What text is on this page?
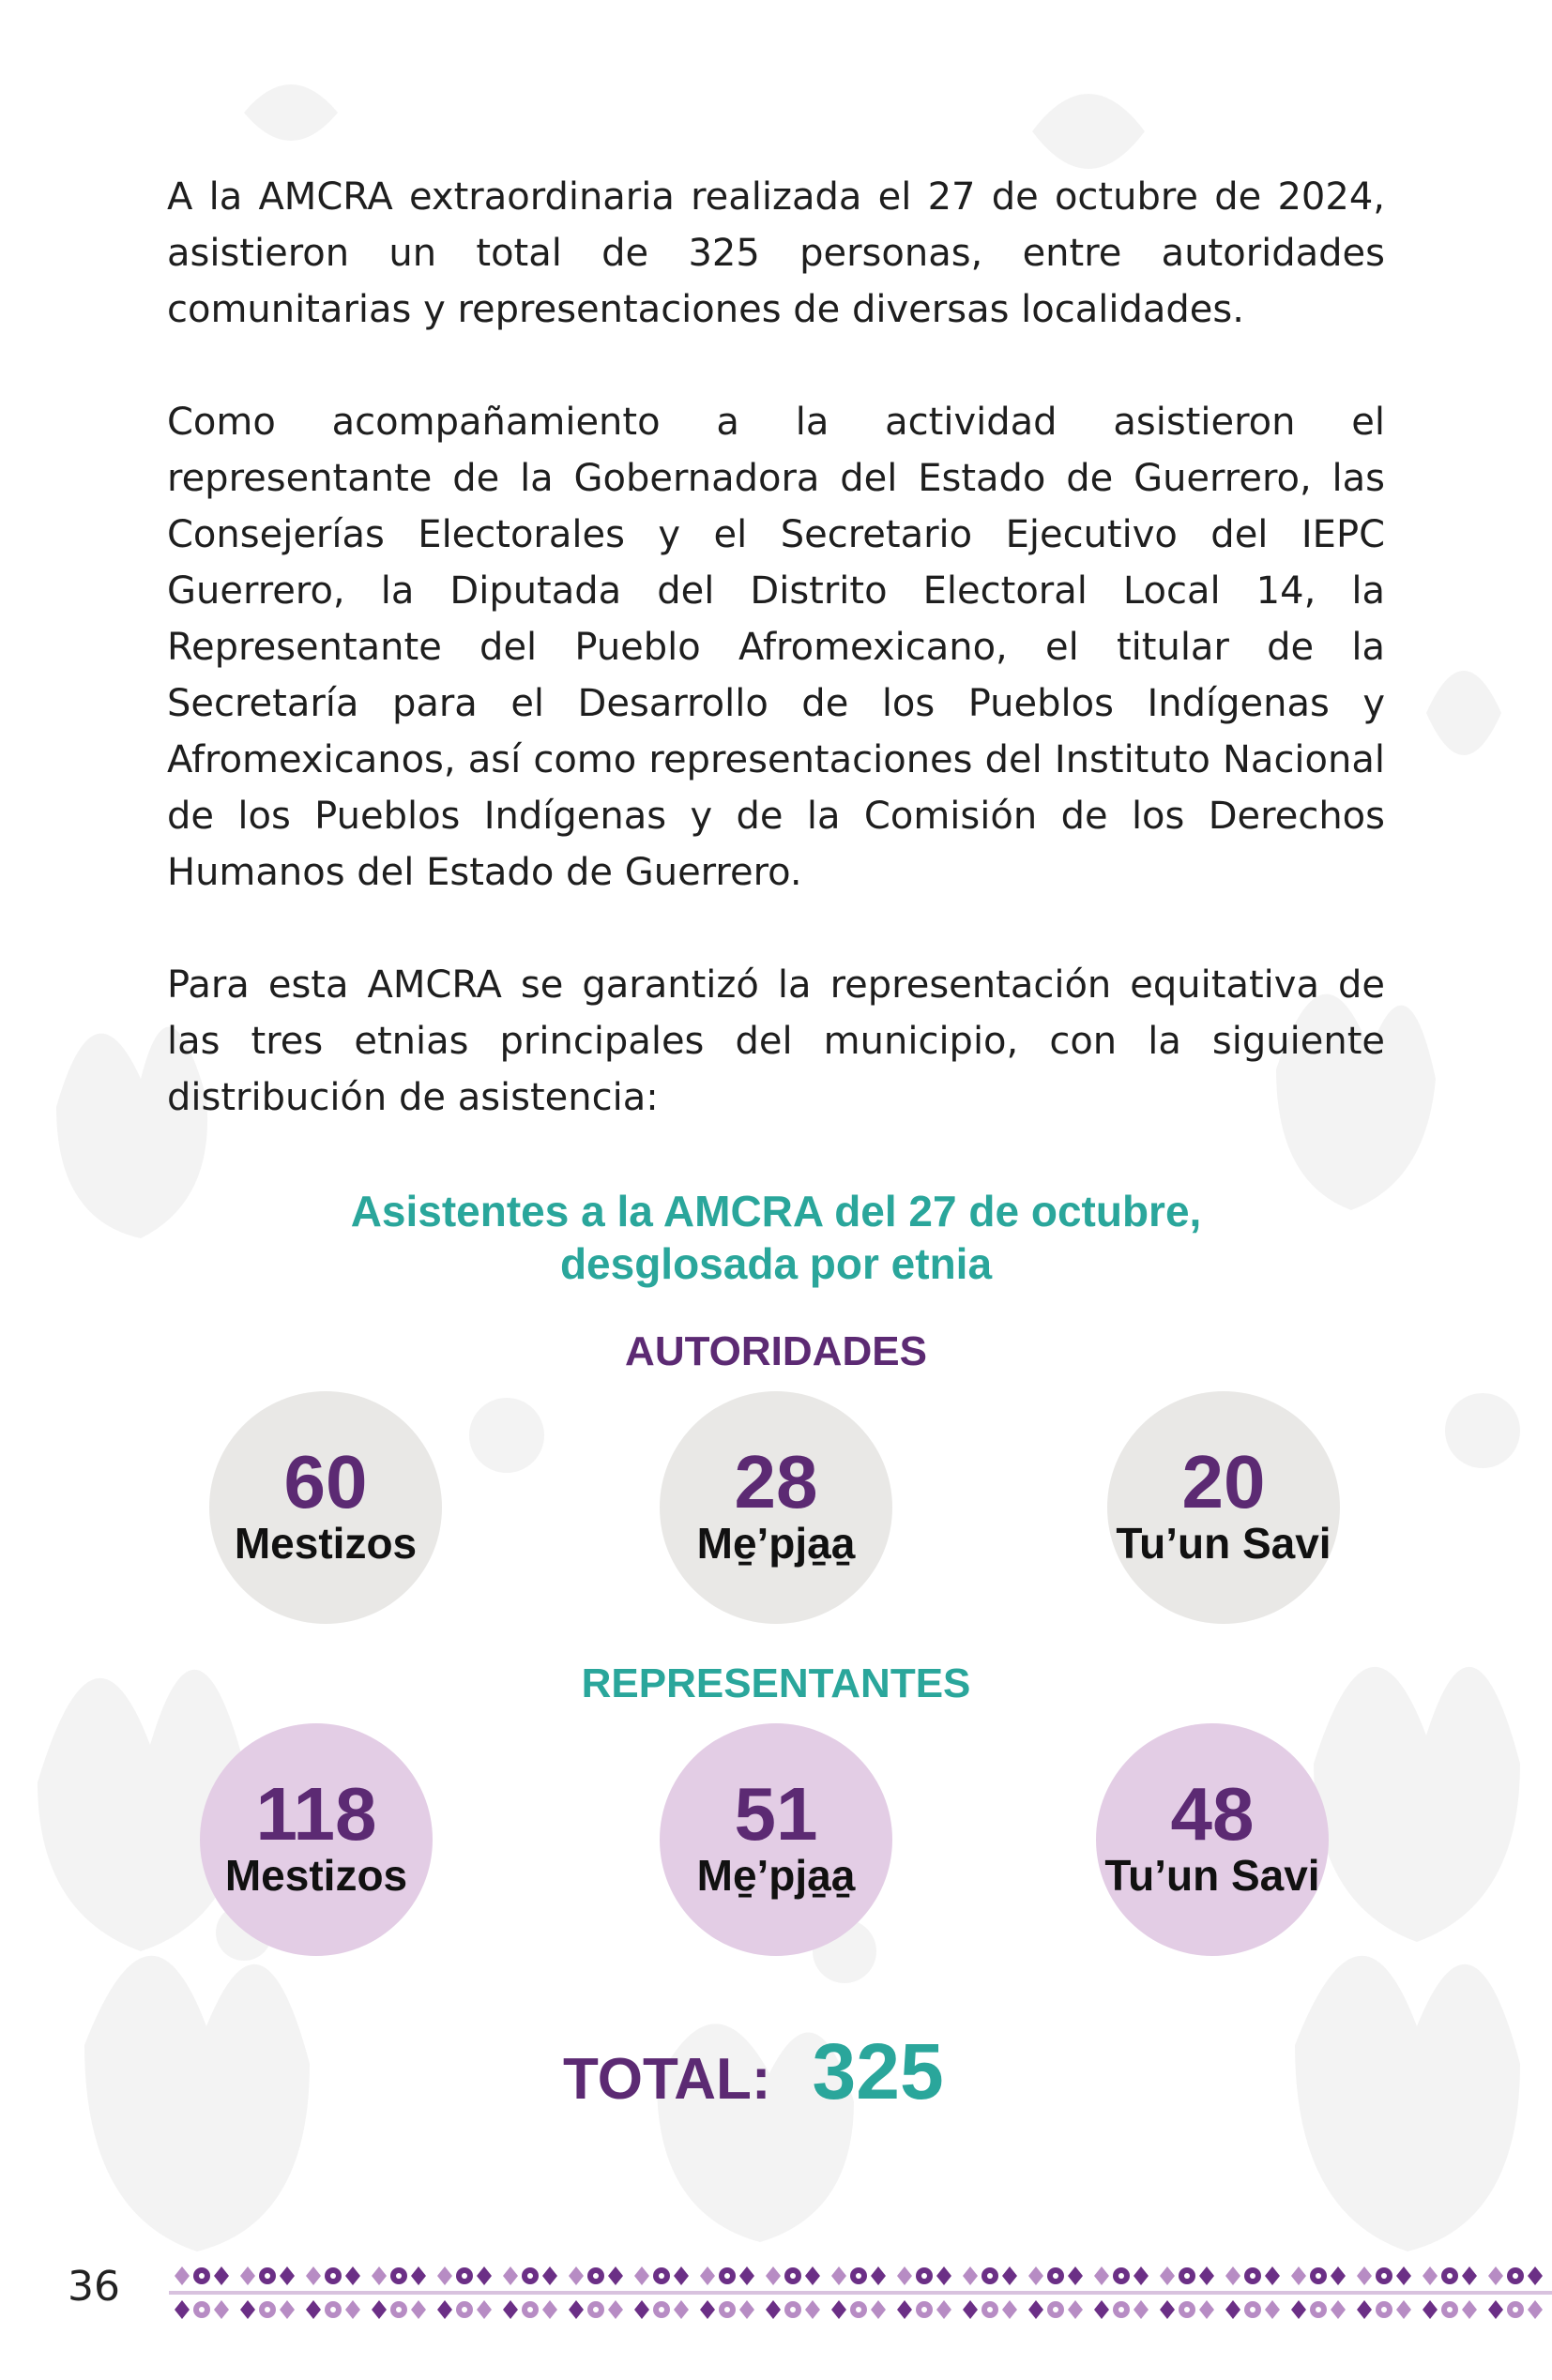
A la AMCRA extraordinaria realizada el 27 de octubre de 2024, asistieron un total de 325 personas, entre autoridades comunitarias y representaciones de diversas localidades.

Como acompañamiento a la actividad asistieron el representante de la Gobernadora del Estado de Guerrero, las Consejerías Electorales y el Secretario Ejecutivo del IEPC Guerrero, la Diputada del Distrito Electoral Local 14, la Representante del Pueblo Afromexicano, el titular de la Secretaría para el Desarrollo de los Pueblos Indígenas y Afromexicanos, así como representaciones del Instituto Nacional de los Pueblos Indígenas y de la Comisión de los Derechos Humanos del Estado de Guerrero.

Para esta AMCRA se garantizó la representación equitativa de las tres etnias principales del municipio, con la siguiente distribución de asistencia:

Asistentes a la AMCRA del 27 de octubre, desglosada por etnia

AUTORIDADES

60
Mestizos
28
Me̱’pja̱a̱
20
Tu’un Savi

REPRESENTANTES

118
Mestizos
51
Me̱’pja̱a̱
48
Tu’un Savi
TOTAL: 325
36
